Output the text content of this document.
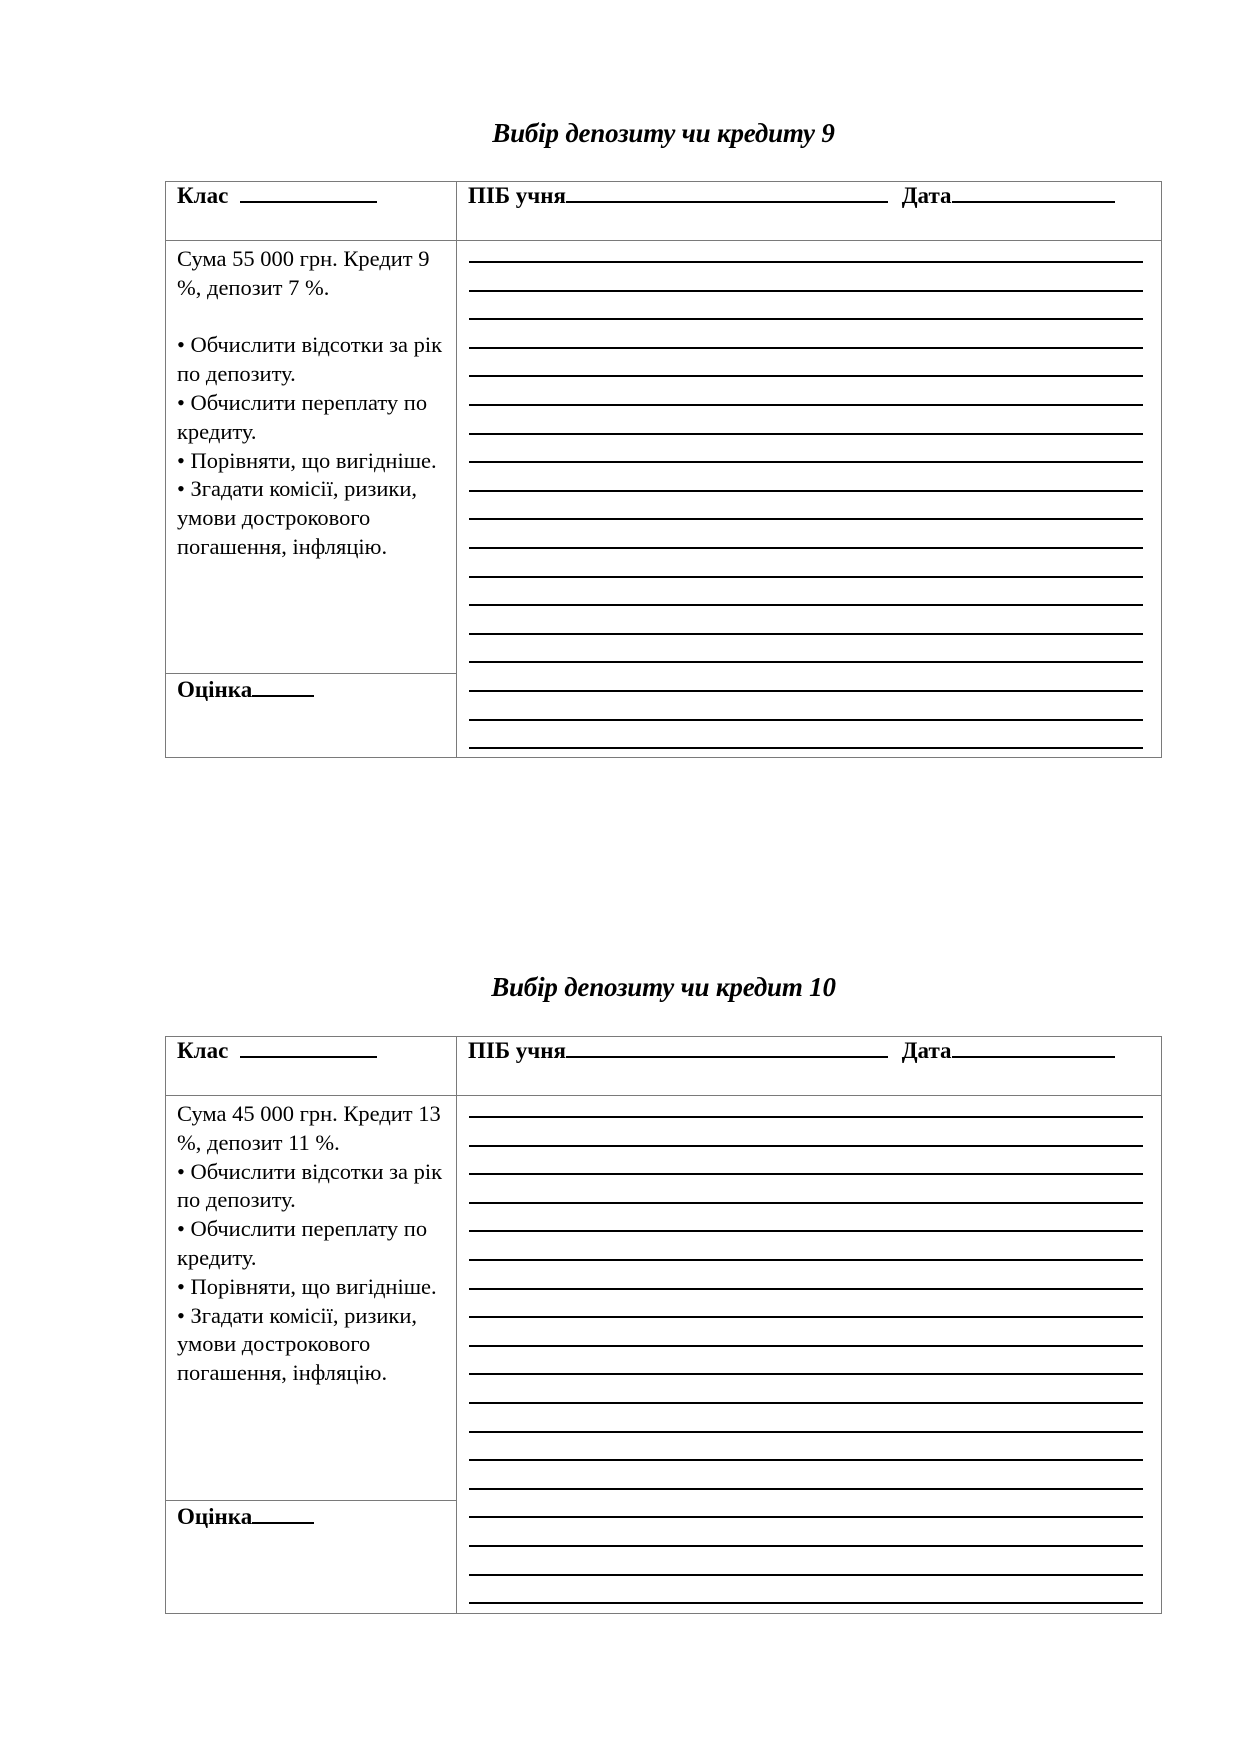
Вибір депозиту чи кредиту 9
Клас	ПІБ учня	Дата

Сума 55 000 грн. Кредит 9 %, депозит 7 %.

• Обчислити відсотки за рік по депозиту.

• Обчислити переплату по кредиту.

• Порівняти, що вигідніше.

• Згадати комісії, ризики, умови дострокового погашення, інфляцію.

Оцінка
Вибір депозиту чи кредит 10
Клас	ПІБ учня	Дата

Сума 45 000 грн. Кредит 13 %, депозит 11 %.

• Обчислити відсотки за рік по депозиту.

• Обчислити переплату по кредиту.

• Порівняти, що вигідніше.

• Згадати комісії, ризики, умови дострокового погашення, інфляцію.

Оцінка
